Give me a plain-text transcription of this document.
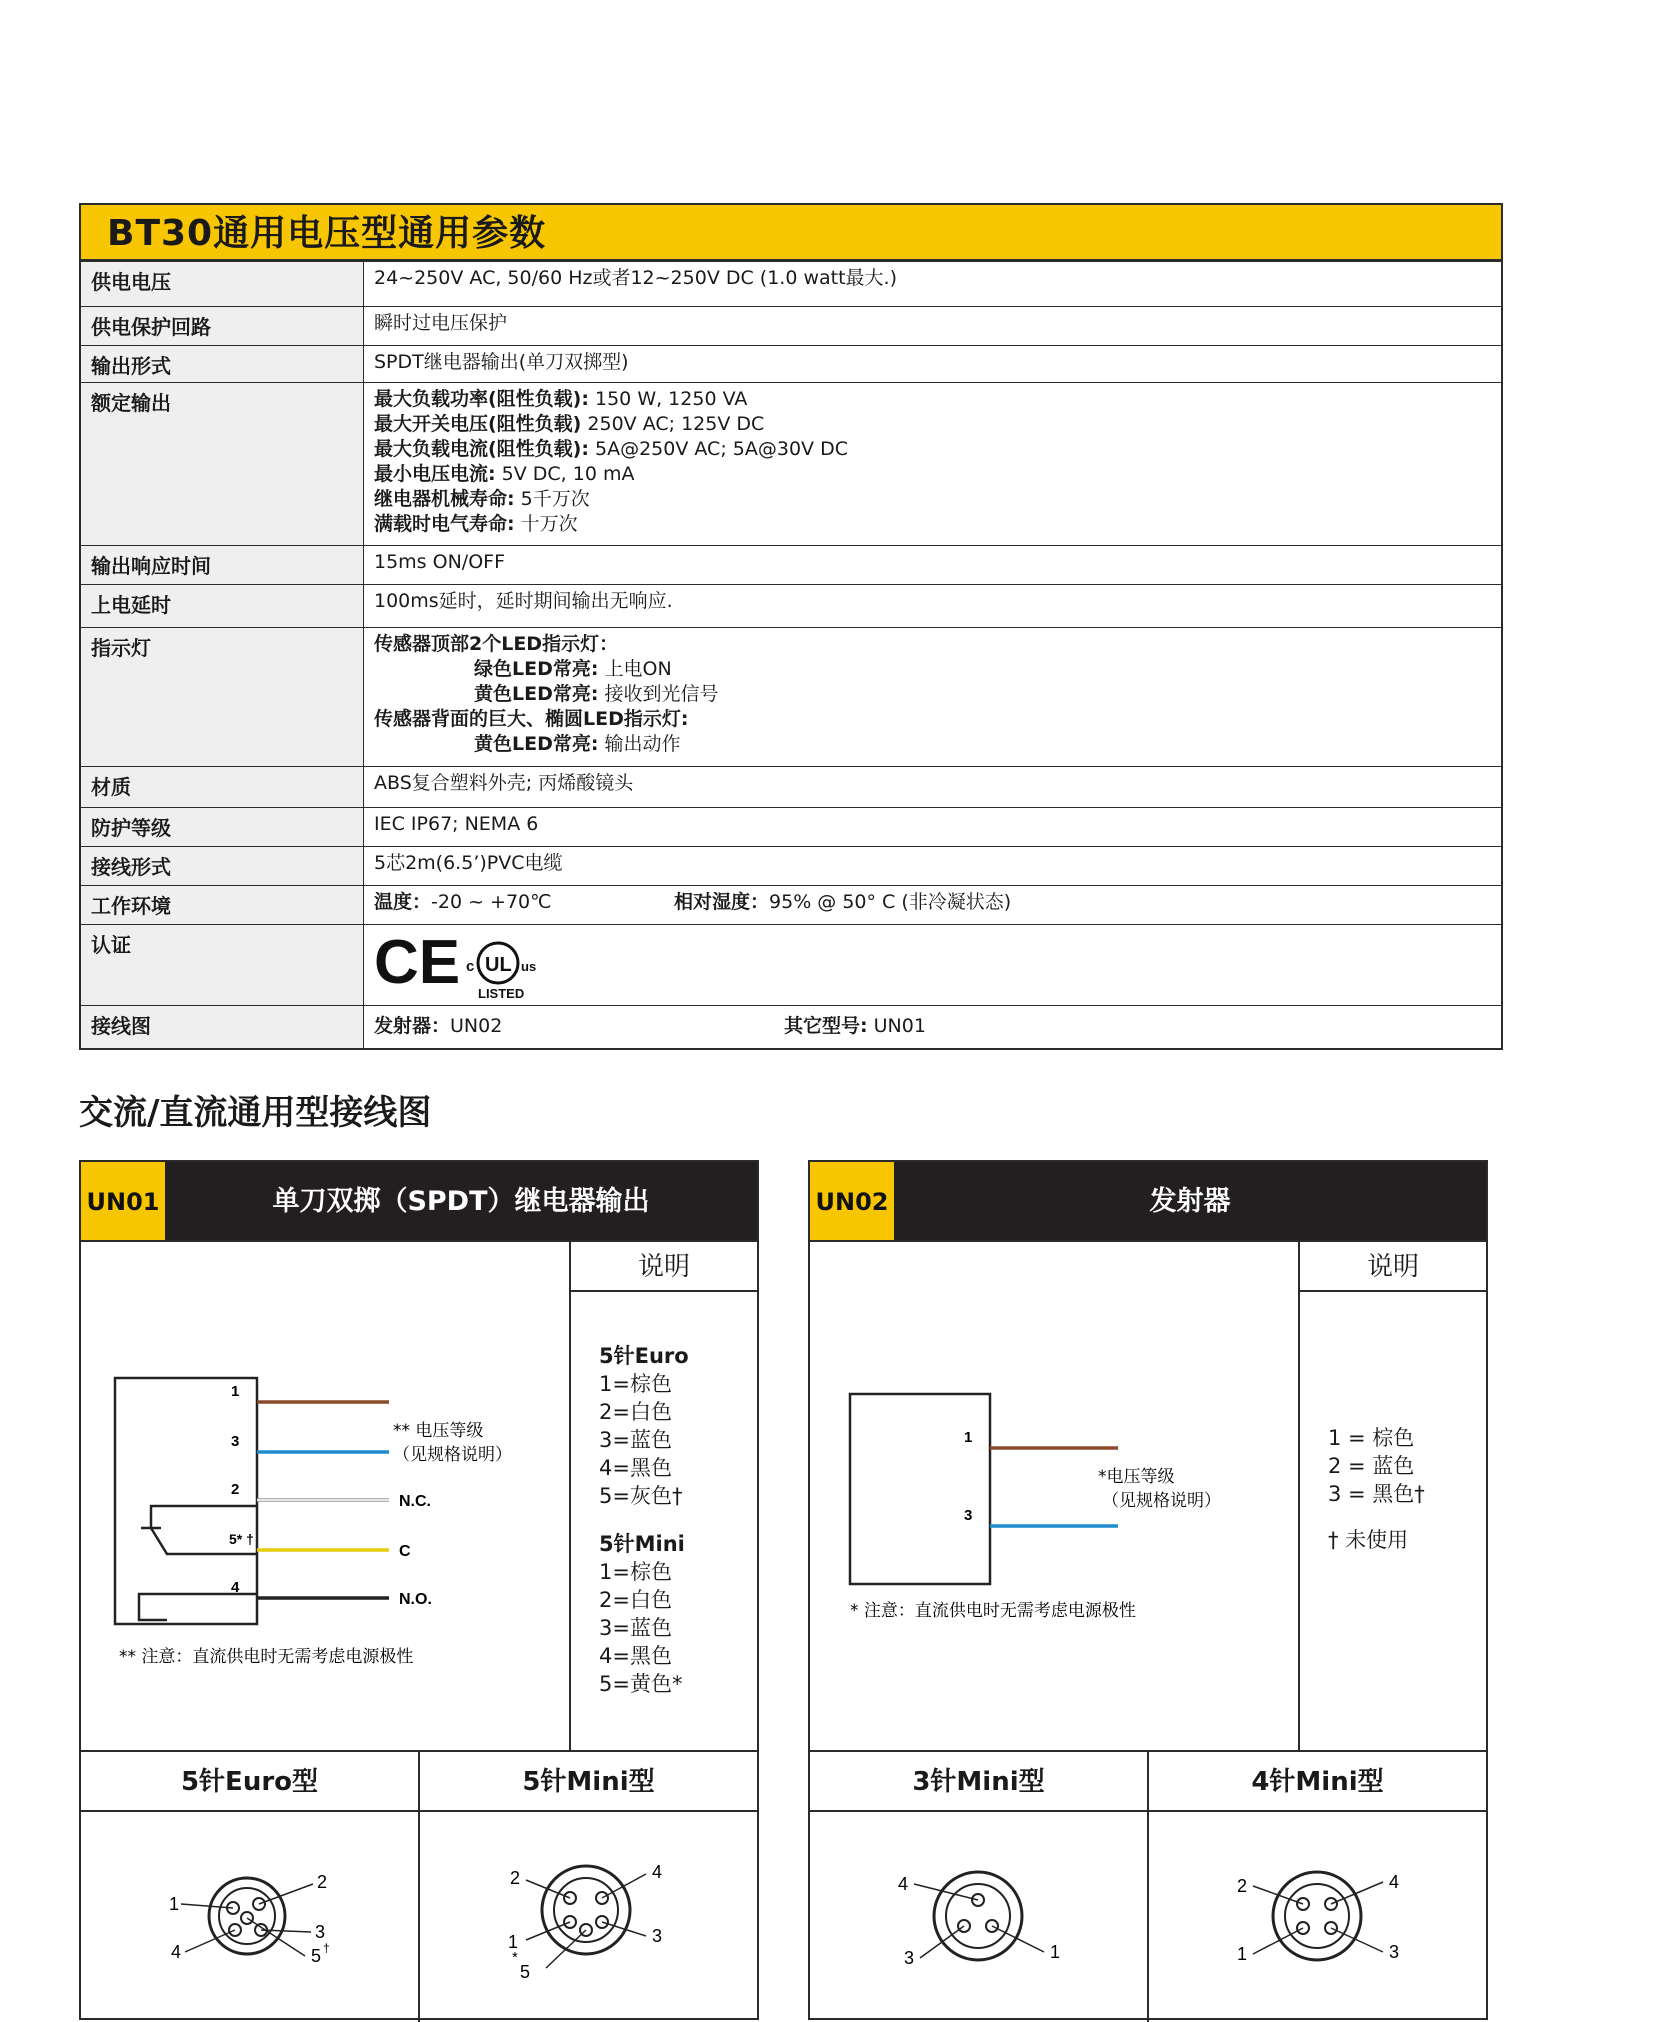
BT30通用电压型通用参数
供电电压	24~250V AC, 50/60 Hz或者12~250V DC (1.0 watt最大.)
供电保护回路	瞬时过电压保护
输出形式	SPDT继电器输出(单刀双掷型)
额定输出	最大负载功率(阻性负载): 150 W, 1250 VA
最大开关电压(阻性负载) 250V AC; 125V DC
最大负载电流(阻性负载): 5A@250V AC; 5A@30V DC
最小电压电流: 5V DC, 10 mA
继电器机械寿命: 5千万次
满载时电气寿命: 十万次
输出响应时间	15ms ON/OFF
上电延时	100ms延时，延时期间输出无响应.
指示灯	传感器顶部2个LED指示灯：
绿色LED常亮: 上电ON
黄色LED常亮: 接收到光信号
传感器背面的巨大、椭圆LED指示灯:
黄色LED常亮: 输出动作
材质	ABS复合塑料外壳; 丙烯酸镜头
防护等级	IEC IP67; NEMA 6
接线形式	5芯2m(6.5’)PVC电缆
工作环境	温度：-20 ~ +70℃	相对湿度：95% @ 50° C (非冷凝状态)
认证	CE c UL us
LISTED
接线图	发射器：UN02	其它型号: UN01
交流/直流通用型接线图
UN01	单刀双掷（SPDT）继电器输出
1
3
2
5* †
4
N.C.
C
N.O.
** 电压等级
（见规格说明）
** 注意：直流供电时无需考虑电源极性
说明
5针Euro
1=棕色
2=白色
3=蓝色
4=黑色
5=灰色†
5针Mini
1=棕色
2=白色
3=蓝色
4=黑色
5=黄色*
5针Euro型
2
1
3
4	5 †
5针Mini型
2	4
1	3
*
5
UN02	发射器
1
3
*电压等级
（见规格说明）
* 注意：直流供电时无需考虑电源极性
说明
1 = 棕色
2 = 蓝色
3 = 黑色†
† 未使用
3针Mini型
4
1
3
4针Mini型
2	4
1	3
